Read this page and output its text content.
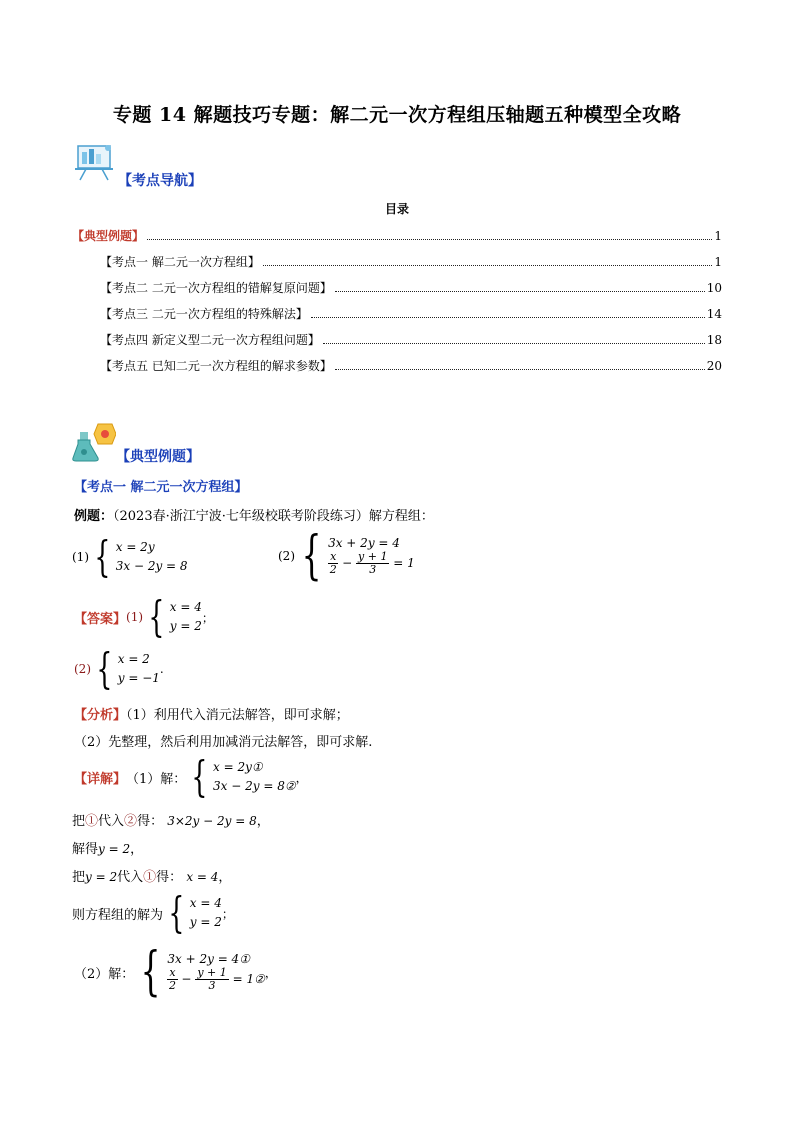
专题 14 解题技巧专题：解二元一次方程组压轴题五种模型全攻略
【考点导航】
目录
【典型例题】	1
【考点一 解二元一次方程组】	1
【考点二 二元一次方程组的错解复原问题】	10
【考点三 二元一次方程组的特殊解法】	14
【考点四 新定义型二元一次方程组问题】	18
【考点五 已知二元一次方程组的解求参数】	20
【典型例题】
【考点一 解二元一次方程组】
例题：（2023春·浙江宁波·七年级校联考阶段练习）解方程组：
(1) { x = 2y
3x − 2y = 8
(2) { 3x + 2y = 4
$\frac{x}{2} - \frac{y + 1}{3} = 1$
【答案】 (1) { x = 4
y = 2
；
(2) { x = 2
y = −1
.
【分析】（1）利用代入消元法解答，即可求解；
（2）先整理，然后利用加减消元法解答，即可求解.
【详解】 （1）解： { x = 2y①
3x − 2y = 8②
，
把①代入②得： 3×2y − 2y = 8，
解得y = 2，
把y = 2代入①得： x = 4，
则方程组的解为 { x = 4
y = 2
；
（2）解： { 3x + 2y = 4①
$\frac{x}{2} - \frac{y + 1}{3}$ = 1② ，
